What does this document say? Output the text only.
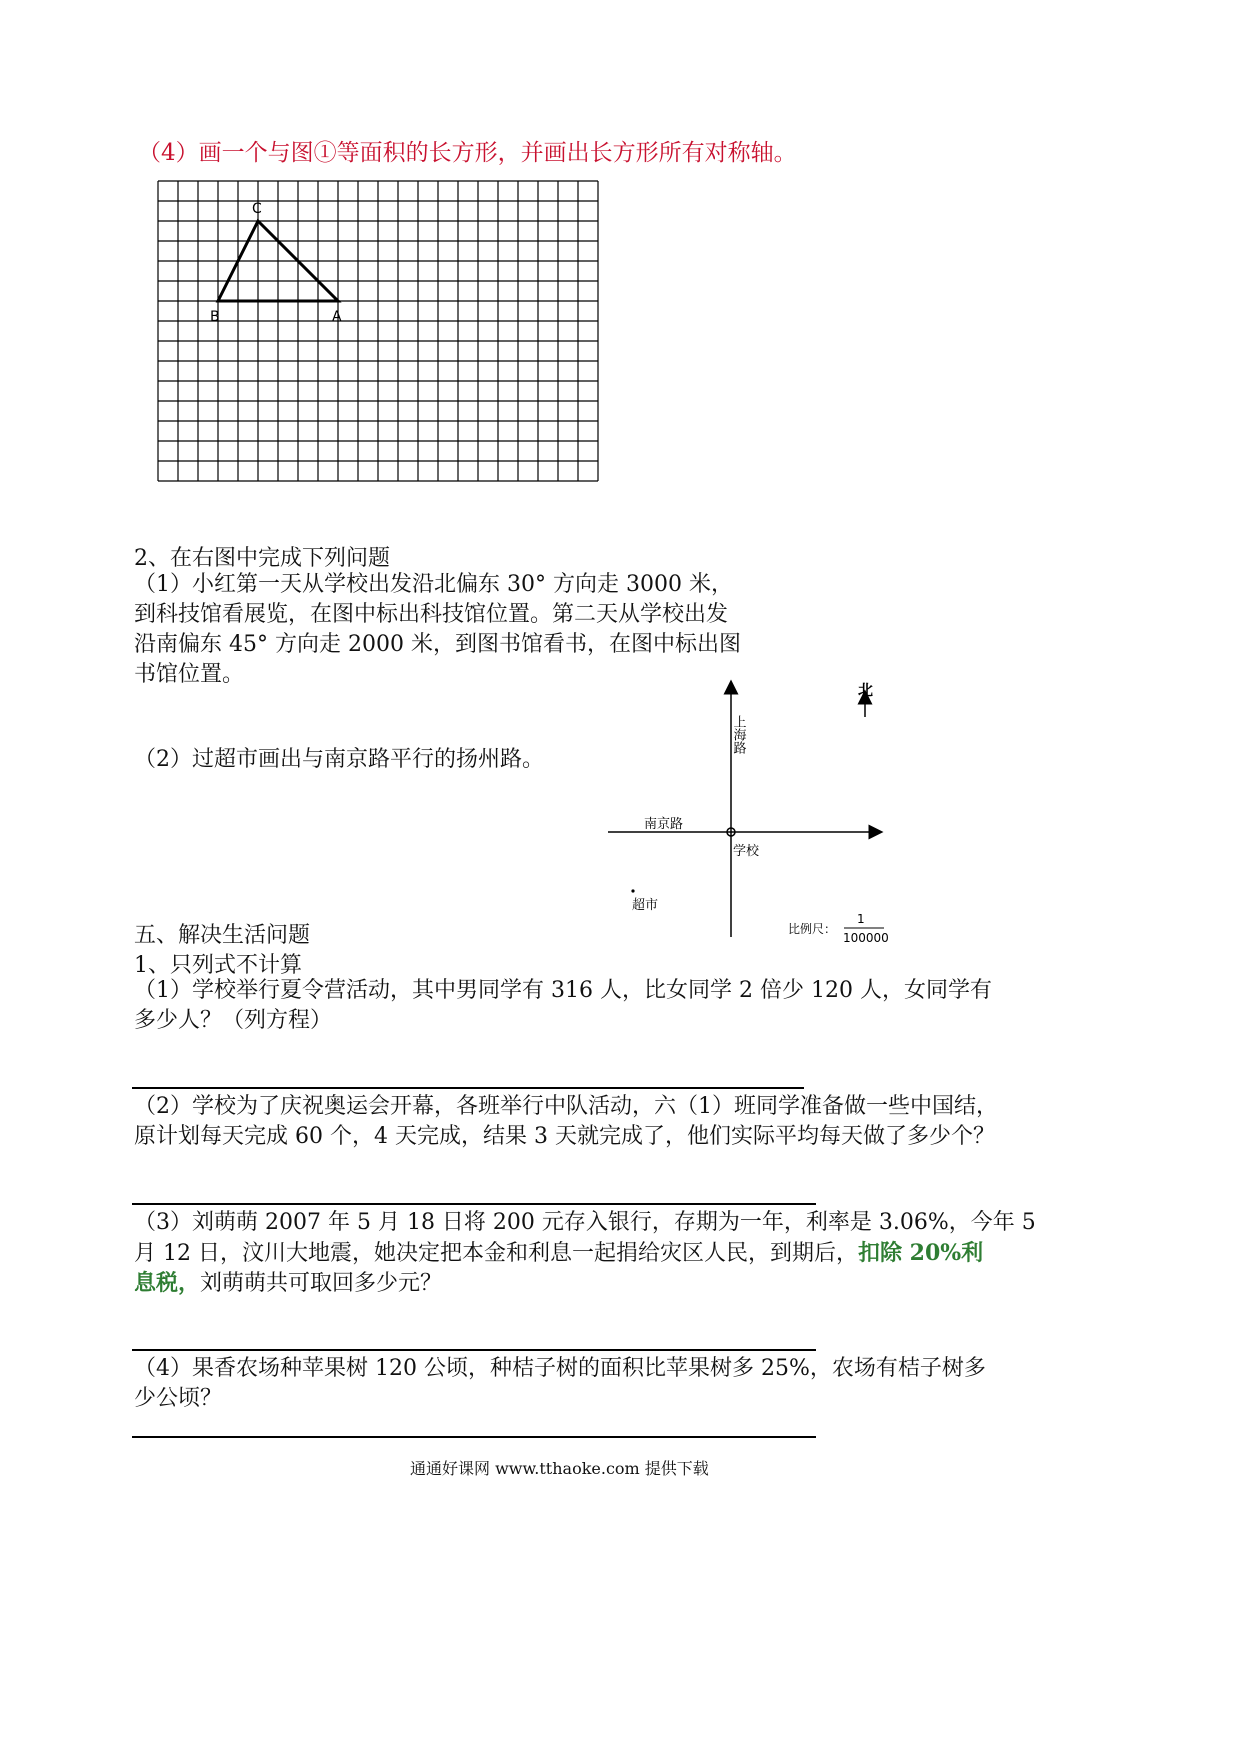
（4）画一个与图①等面积的长方形，并画出长方形所有对称轴。
C
B	A
2、在右图中完成下列问题
（1）小红第一天从学校出发沿北偏东 30° 方向走 3000 米，
到科技馆看展览，在图中标出科技馆位置。第二天从学校出发
沿南偏东 45° 方向走 2000 米，到图书馆看书，在图中标出图
书馆位置。
（2）过超市画出与南京路平行的扬州路。
北
上海路
南京路
学校
超市
比例尺：
1
100000
五、解决生活问题
1、只列式不计算
（1）学校举行夏令营活动，其中男同学有 316 人，比女同学 2 倍少 120 人，女同学有
多少人？（列方程）
（2）学校为了庆祝奥运会开幕，各班举行中队活动，六（1）班同学准备做一些中国结，
原计划每天完成 60 个，4 天完成，结果 3 天就完成了，他们实际平均每天做了多少个？
（3）刘萌萌 2007 年 5 月 18 日将 200 元存入银行，存期为一年，利率是 3.06%，今年 5
月 12 日，汶川大地震，她决定把本金和利息一起捐给灾区人民，到期后，扣除 20%利
息税，刘萌萌共可取回多少元？
（4）果香农场种苹果树 120 公顷，种桔子树的面积比苹果树多 25%，农场有桔子树多
少公顷？
通通好课网 www.tthaoke.com 提供下载
